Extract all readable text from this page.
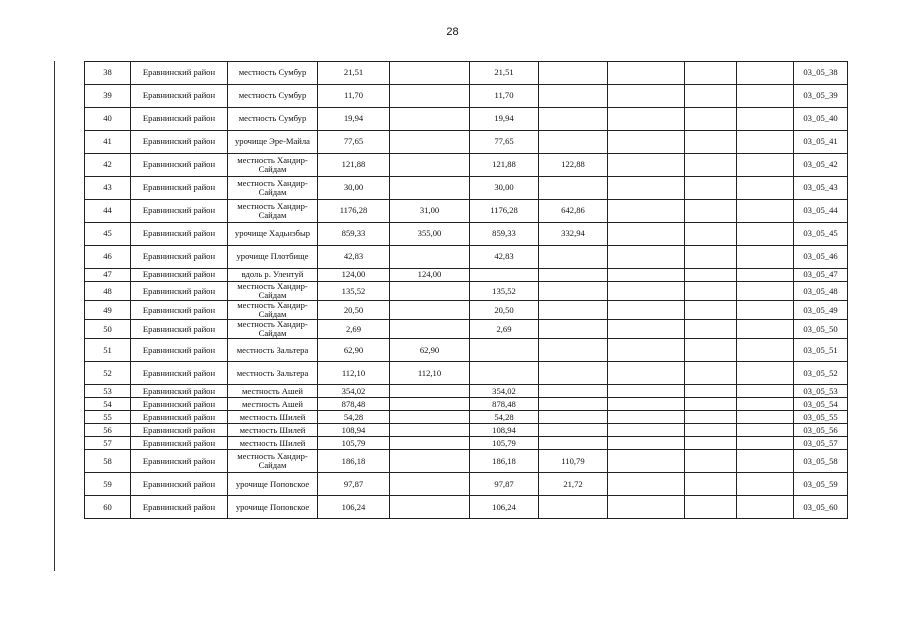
28
38	Еравнинский район	местность Сумбур	21,51		21,51					03_05_38
39	Еравнинский район	местность Сумбур	11,70		11,70					03_05_39
40	Еравнинский район	местность Сумбур	19,94		19,94					03_05_40
41	Еравнинский район	урочище Эре-Майла	77,65		77,65					03_05_41
42	Еравнинский район	местность Хандир-Сайдам	121,88		121,88	122,88				03_05_42
43	Еравнинский район	местность Хандир-Сайдам	30,00		30,00					03_05_43
44	Еравнинский район	местность Хандир-Сайдам	1176,28	31,00	1176,28	642,86				03_05_44
45	Еравнинский район	урочище Хадьнэбыр	859,33	355,00	859,33	332,94				03_05_45
46	Еравнинский район	урочище Плотбище	42,83		42,83					03_05_46
47	Еравнинский район	вдоль р. Улентуй	124,00	124,00						03_05_47
48	Еравнинский район	местность Хандир-Сайдам	135,52		135,52					03_05_48
49	Еравнинский район	местность Хандир-Сайдам	20,50		20,50					03_05_49
50	Еравнинский район	местность Хандир-Сайдам	2,69		2,69					03_05_50
51	Еравнинский район	местность Зальтера	62,90	62,90						03_05_51
52	Еравнинский район	местность Зальтера	112,10	112,10						03_05_52
53	Еравнинский район	местность Ашей	354,02		354,02					03_05_53
54	Еравнинский район	местность Ашей	878,48		878,48					03_05_54
55	Еравнинский район	местность Шилей	54,28		54,28					03_05_55
56	Еравнинский район	местность Шилей	108,94		108,94					03_05_56
57	Еравнинский район	местность Шилей	105,79		105,79					03_05_57
58	Еравнинский район	местность Хандир-Сайдам	186,18		186,18	110,79				03_05_58
59	Еравнинский район	урочище Поповское	97,87		97,87	21,72				03_05_59
60	Еравнинский район	урочище Поповское	106,24		106,24					03_05_60
